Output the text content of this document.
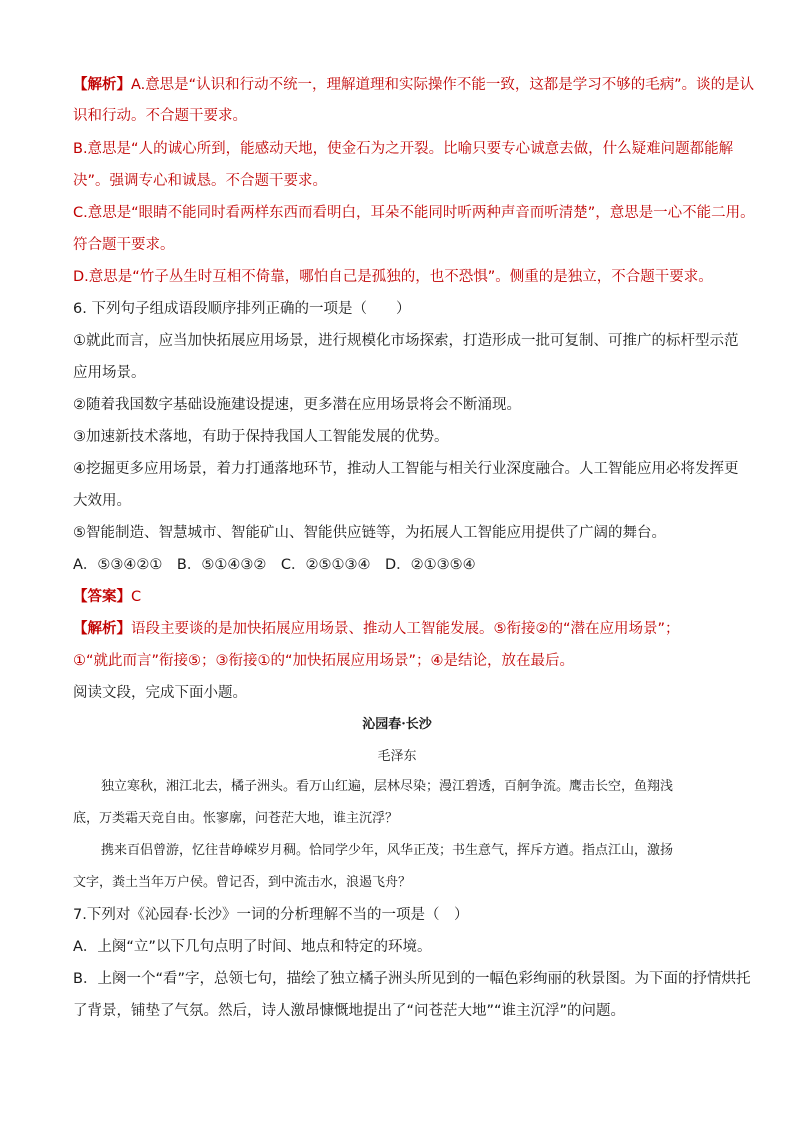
【解析】A.意思是“认识和行动不统一，理解道理和实际操作不能一致，这都是学习不够的毛病”。谈的是认
识和行动。不合题干要求。
B.意思是“人的诚心所到，能感动天地，使金石为之开裂。比喻只要专心诚意去做，什么疑难问题都能解
决”。强调专心和诚恳。不合题干要求。
C.意思是“眼睛不能同时看两样东西而看明白，耳朵不能同时听两种声音而听清楚”，意思是一心不能二用。
符合题干要求。
D.意思是“竹子丛生时互相不倚靠，哪怕自己是孤独的，也不恐惧”。侧重的是独立，不合题干要求。
6. 下列句子组成语段顺序排列正确的一项是（　　）
①就此而言，应当加快拓展应用场景，进行规模化市场探索，打造形成一批可复制、可推广的标杆型示范
应用场景。
②随着我国数字基础设施建设提速，更多潜在应用场景将会不断涌现。
③加速新技术落地，有助于保持我国人工智能发展的优势。
④挖掘更多应用场景，着力打通落地环节，推动人工智能与相关行业深度融合。人工智能应用必将发挥更
大效用。
⑤智能制造、智慧城市、智能矿山、智能供应链等，为拓展人工智能应用提供了广阔的舞台。
A．⑤③④②①　B．⑤①④③②　C．②⑤①③④　D．②①③⑤④
【答案】C
【解析】语段主要谈的是加快拓展应用场景、推动人工智能发展。⑤衔接②的“潜在应用场景”；
①“就此而言”衔接⑤；③衔接①的“加快拓展应用场景”；④是结论，放在最后。
阅读文段，完成下面小题。
沁园春·长沙
毛泽东
独立寒秋，湘江北去，橘子洲头。看万山红遍，层林尽染；漫江碧透，百舸争流。鹰击长空，鱼翔浅
底，万类霜天竞自由。怅寥廓，问苍茫大地，谁主沉浮？
携来百侣曾游，忆往昔峥嵘岁月稠。恰同学少年，风华正茂；书生意气，挥斥方遒。指点江山，激扬
文字，粪土当年万户侯。曾记否，到中流击水，浪遏飞舟？
7.下列对《沁园春·长沙》一词的分析理解不当的一项是（　）
A．上阕“立”以下几句点明了时间、地点和特定的环境。
B．上阕一个“看”字，总领七句，描绘了独立橘子洲头所见到的一幅色彩绚丽的秋景图。为下面的抒情烘托
了背景，铺垫了气氛。然后，诗人激昂慷慨地提出了“问苍茫大地”“谁主沉浮”的问题。
